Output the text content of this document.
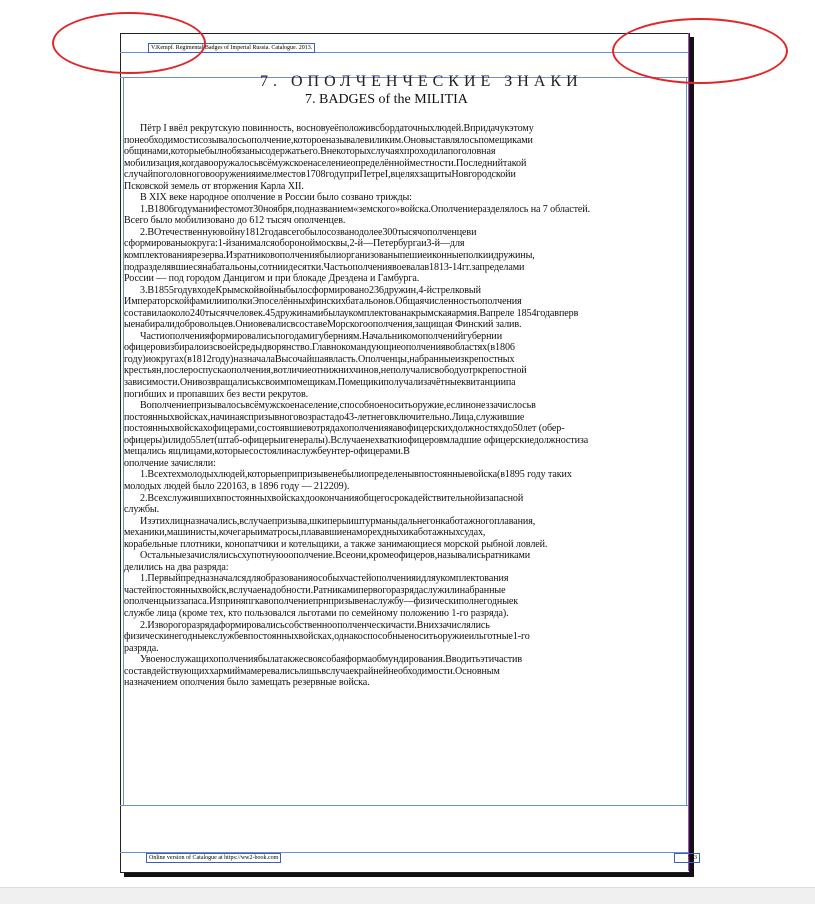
V.Kempf. Regimental Badges of Imperial Russia. Catalogue. 2013.
7. ОПОЛЧЕНЧЕСКИЕ ЗНАКИ
7. BADGES of the MILITIA

Пётр I ввёл рекрутскую повинность, восновуеёположивсбордаточныхлюдей.Впридачукэтому

понеобходимостисозывалосьополчение,котороеназывалевиликим.Оновыставлялосьпомещиками

общинами,которыебылнобязанысодержатьего.Внекоторыхслучаяхпроходилапоголовная

мобилизация,когдавооружалосьвсёмужскоенаселениеопределённойместности.Последнийтакой

случайпоголовноговооруженияимелместов1708годуприПетреI,вцеляхзащитыНовгородскойи

Псковской земель от вторжения Карла XII.

В XIX веке народное ополчение в России было созвано трижды:

1.В1806годуманифестомот30ноября,подназванием«земского»войска.Ополчениеразделялось на 7 областей.

Всего было мобилизовано до 612 тысяч ополченцев.

2.ВОтечественнуювойну1812годавсегобылосозванодолее300тысячополченцеви

сформированыокруга:1-йзанималсяобороноймосквы,2-й—Петербургаи3-й—для

комплектованиярезерва.Изратниковополчениябылиорганизованыпешиеиконныеполкиидружины,

подразделявшиесянабатальоны,сотниидесятки.Частьополчениявоевалав1813-14гг.запределами

России — под городом Данцигом и при блокаде Дрездена и Гамбурга.

3.В1855годувходеКрымскойвойныбылосформировано236дружин,4-йстрелковый

ИмператорскойфамилииполкиЭпоселённыхфинскихбатальонов.Общаячисленностьополчения

составилаоколо240тысяччеловек.45дружинамибылаукомплектованакрымскаяармия.Вапреле 1854годавперв

ыенабиралидобровольцев.ОниовевалисвсоставеМорскогоополчения,защищая Финский залив.

Частиополченияформировалисьпогодамигуберниям.Начальникомополченийгубернии

офицеровизбиралоизсвоейсредыдворянство.Главнокомандующиеополчениявобластях(в1806

году)иокругах(в1812году)назначалаВысочайшаявласть.Ополченцы,набранныеизкрепостных

крестьян,послероспускаополчения,вотличиеотнижнихчинов,неполучалисвободуотркрепостной

зависимости.Онивозвращалиськсвоимпомещикам.Помещикиполучализачётныеквитанциипа

погибших и пропавших без вести рекрутов.

Вополчениепризывалосьвсёмужскоенаселение,способноеноситьоружие,еслинонеззачислосьв

постоянныхвойсках,начинаяспризывноговозрастадо43-летнеговключительно.Лица,служившие

постоянныхвойскахофицерами,состоявшиевотрядахополченияяавофицерскихдолжностяхдо50лет (обер-

офицеры)илидо55лет(штаб-офицерыигенералы).Вслучаенехваткиофицеровмладшие офицерскиедолжностиза

мещались ящлицами,которыесостоялинаслужбеунтер-офицерами.В

ополчение зачисляли:

1.Всехтехмолодыхлюдей,которыеприпризывенебылиопределенывпостоянныевойска(в1895 году таких

молодых людей было 220163, в 1896 году — 212209).

2.Всехслужившихвпостоянныхвойскахдоокончанияобщегосрокадействительнойизапасной

службы.

Изэтихлицназначались,вслучаепризыва,шкиперыиштурманыдальнегонкаботажногоплавания,

механики,машинисты,кочегарыиматросы,плававшиенаморехдныхикаботажныхсудах,

корабельные плотники, конопатчики и котельщики, а также занимающиеся морской рыбной ловлей.

Остальныезачислялисьсхупотнуюоополчение.Всеони,кромеофицеров,называлисьратниками

делились на два разряда:

1.Первыйпредназначалсядляобразованияособыхчастейополченияидляукомплектования

частейпостоянныхвойск,вслучаенадобности.Ратникамипервогоразрядаслужилинабранные

ополченцыиззапаса.Изприняпгкавополчениепрнпризывенаслужбу—физическиполнегодныек

службе лица (кроме тех, кто пользовался льготами по семейному положению 1-го разряда).

2.Изворогоразрядаформировалисьсобственноополченческичасти.Внихзачислялись

физическинегодныекслужбевпостоянныхвойсках,однакоспособныеноситьоружиеильготные1-го

разряда.

Увоенослужащихополчениябылатакжесвоясобаяформаобмундирования.Вводитьэтичастив

составдействующиххармиймамеревалисьлишьвслучаекрайнейнеобходимости.Основным

назначением ополчения было замещать резервные войска.

Online version of Catalogue at https://ww2-book.com	563
